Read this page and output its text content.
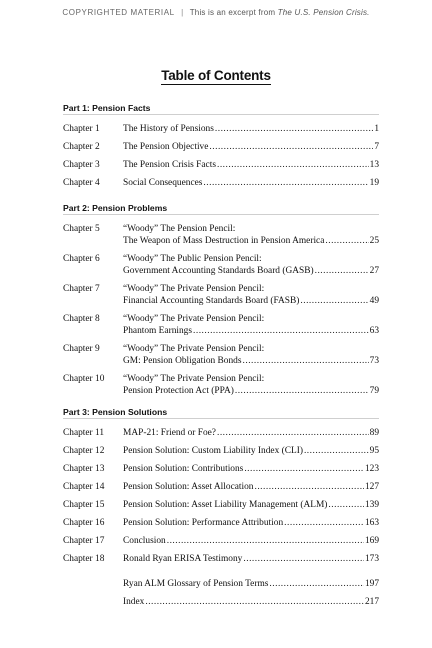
COPYRIGHTED MATERIAL | This is an excerpt from The U.S. Pension Crisis.
Table of Contents
Part 1: Pension Facts
Chapter 1	The History of Pensions .....	1
Chapter 2	The Pension Objective .....	7
Chapter 3	The Pension Crisis Facts .....	13
Chapter 4	Social Consequences .....	19
Part 2: Pension Problems
Chapter 5	“Woody” The Pension Pencil:
The Weapon of Mass Destruction in Pension America .....	25
Chapter 6	“Woody” The Public Pension Pencil:
Government Accounting Standards Board (GASB) .....	27
Chapter 7	“Woody” The Private Pension Pencil:
Financial Accounting Standards Board (FASB) .....	49
Chapter 8	“Woody” The Private Pension Pencil:
Phantom Earnings .....	63
Chapter 9	“Woody” The Private Pension Pencil:
GM: Pension Obligation Bonds .....	73
Chapter 10	“Woody” The Private Pension Pencil:
Pension Protection Act (PPA) .....	79
Part 3: Pension Solutions
Chapter 11	MAP-21: Friend or Foe? .....	89
Chapter 12	Pension Solution: Custom Liability Index (CLI) .....	95
Chapter 13	Pension Solution: Contributions .....	123
Chapter 14	Pension Solution: Asset Allocation .....	127
Chapter 15	Pension Solution: Asset Liability Management (ALM) .....	139
Chapter 16	Pension Solution: Performance Attribution .....	163
Chapter 17	Conclusion .....	169
Chapter 18	Ronald Ryan ERISA Testimony .....	173
Ryan ALM Glossary of Pension Terms .....	197
Index .....	217
